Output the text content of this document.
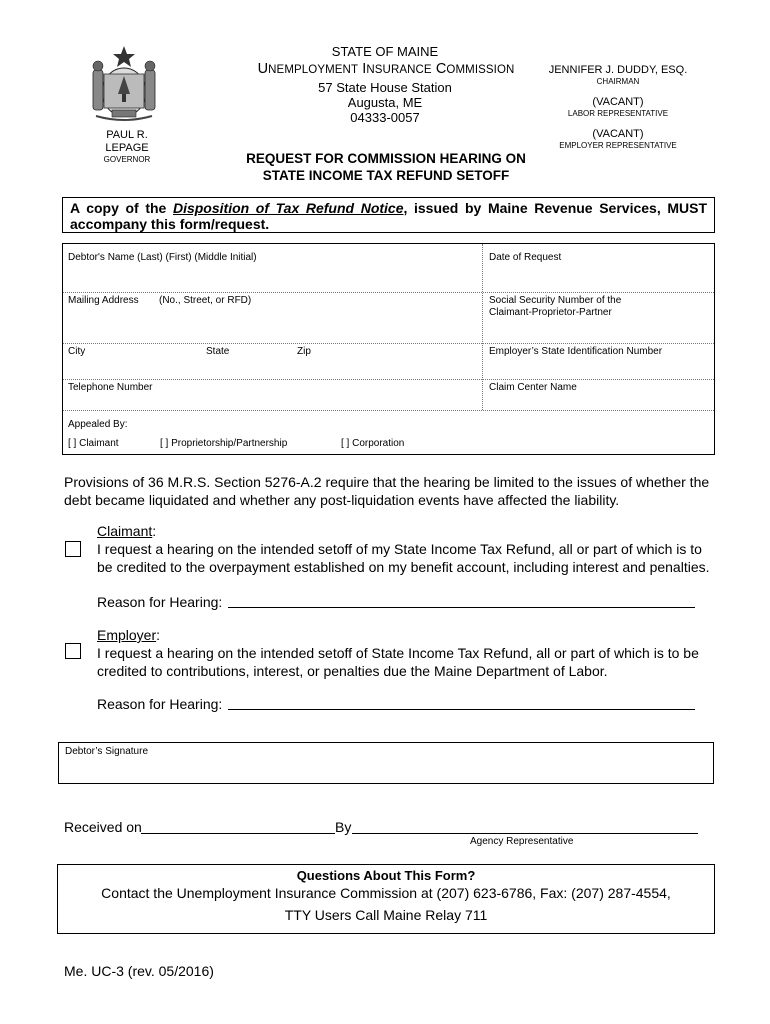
STATE OF MAINE
UNEMPLOYMENT INSURANCE COMMISSION
57 State House Station
Augusta, ME
04333-0057
JENNIFER J. DUDDY, ESQ.
CHAIRMAN
(VACANT)
LABOR REPRESENTATIVE
(VACANT)
EMPLOYER REPRESENTATIVE
PAUL R. LEPAGE
GOVERNOR	REQUEST FOR COMMISSION HEARING ON
STATE INCOME TAX REFUND SETOFF
A copy of the Disposition of Tax Refund Notice, issued by Maine Revenue Services, MUST accompany this form/request.
Debtor's Name (Last) (First) (Middle Initial)	Date of Request
Mailing Address (No., Street, or RFD)	Social Security Number of the
Claimant-Proprietor-Partner
City	State	Zip	Employer’s State Identification Number
Telephone Number	Claim Center Name
Appealed By:
[ ] Claimant	[ ] Proprietorship/Partnership	[ ] Corporation
Provisions of 36 M.R.S. Section 5276-A.2 require that the hearing be limited to the issues of whether the debt became liquidated and whether any post-liquidation events have affected the liability.
Claimant:
I request a hearing on the intended setoff of my State Income Tax Refund, all or part of which is to be credited to the overpayment established on my benefit account, including interest and penalties.
Reason for Hearing:
Employer:
I request a hearing on the intended setoff of State Income Tax Refund, all or part of which is to be credited to contributions, interest, or penalties due the Maine Department of Labor.
Reason for Hearing:
Debtor’s Signature
Received on	By
Agency Representative
Questions About This Form?
Contact the Unemployment Insurance Commission at (207) 623-6786, Fax: (207) 287-4554,
TTY Users Call Maine Relay 711
Me. UC-3 (rev. 05/2016)
